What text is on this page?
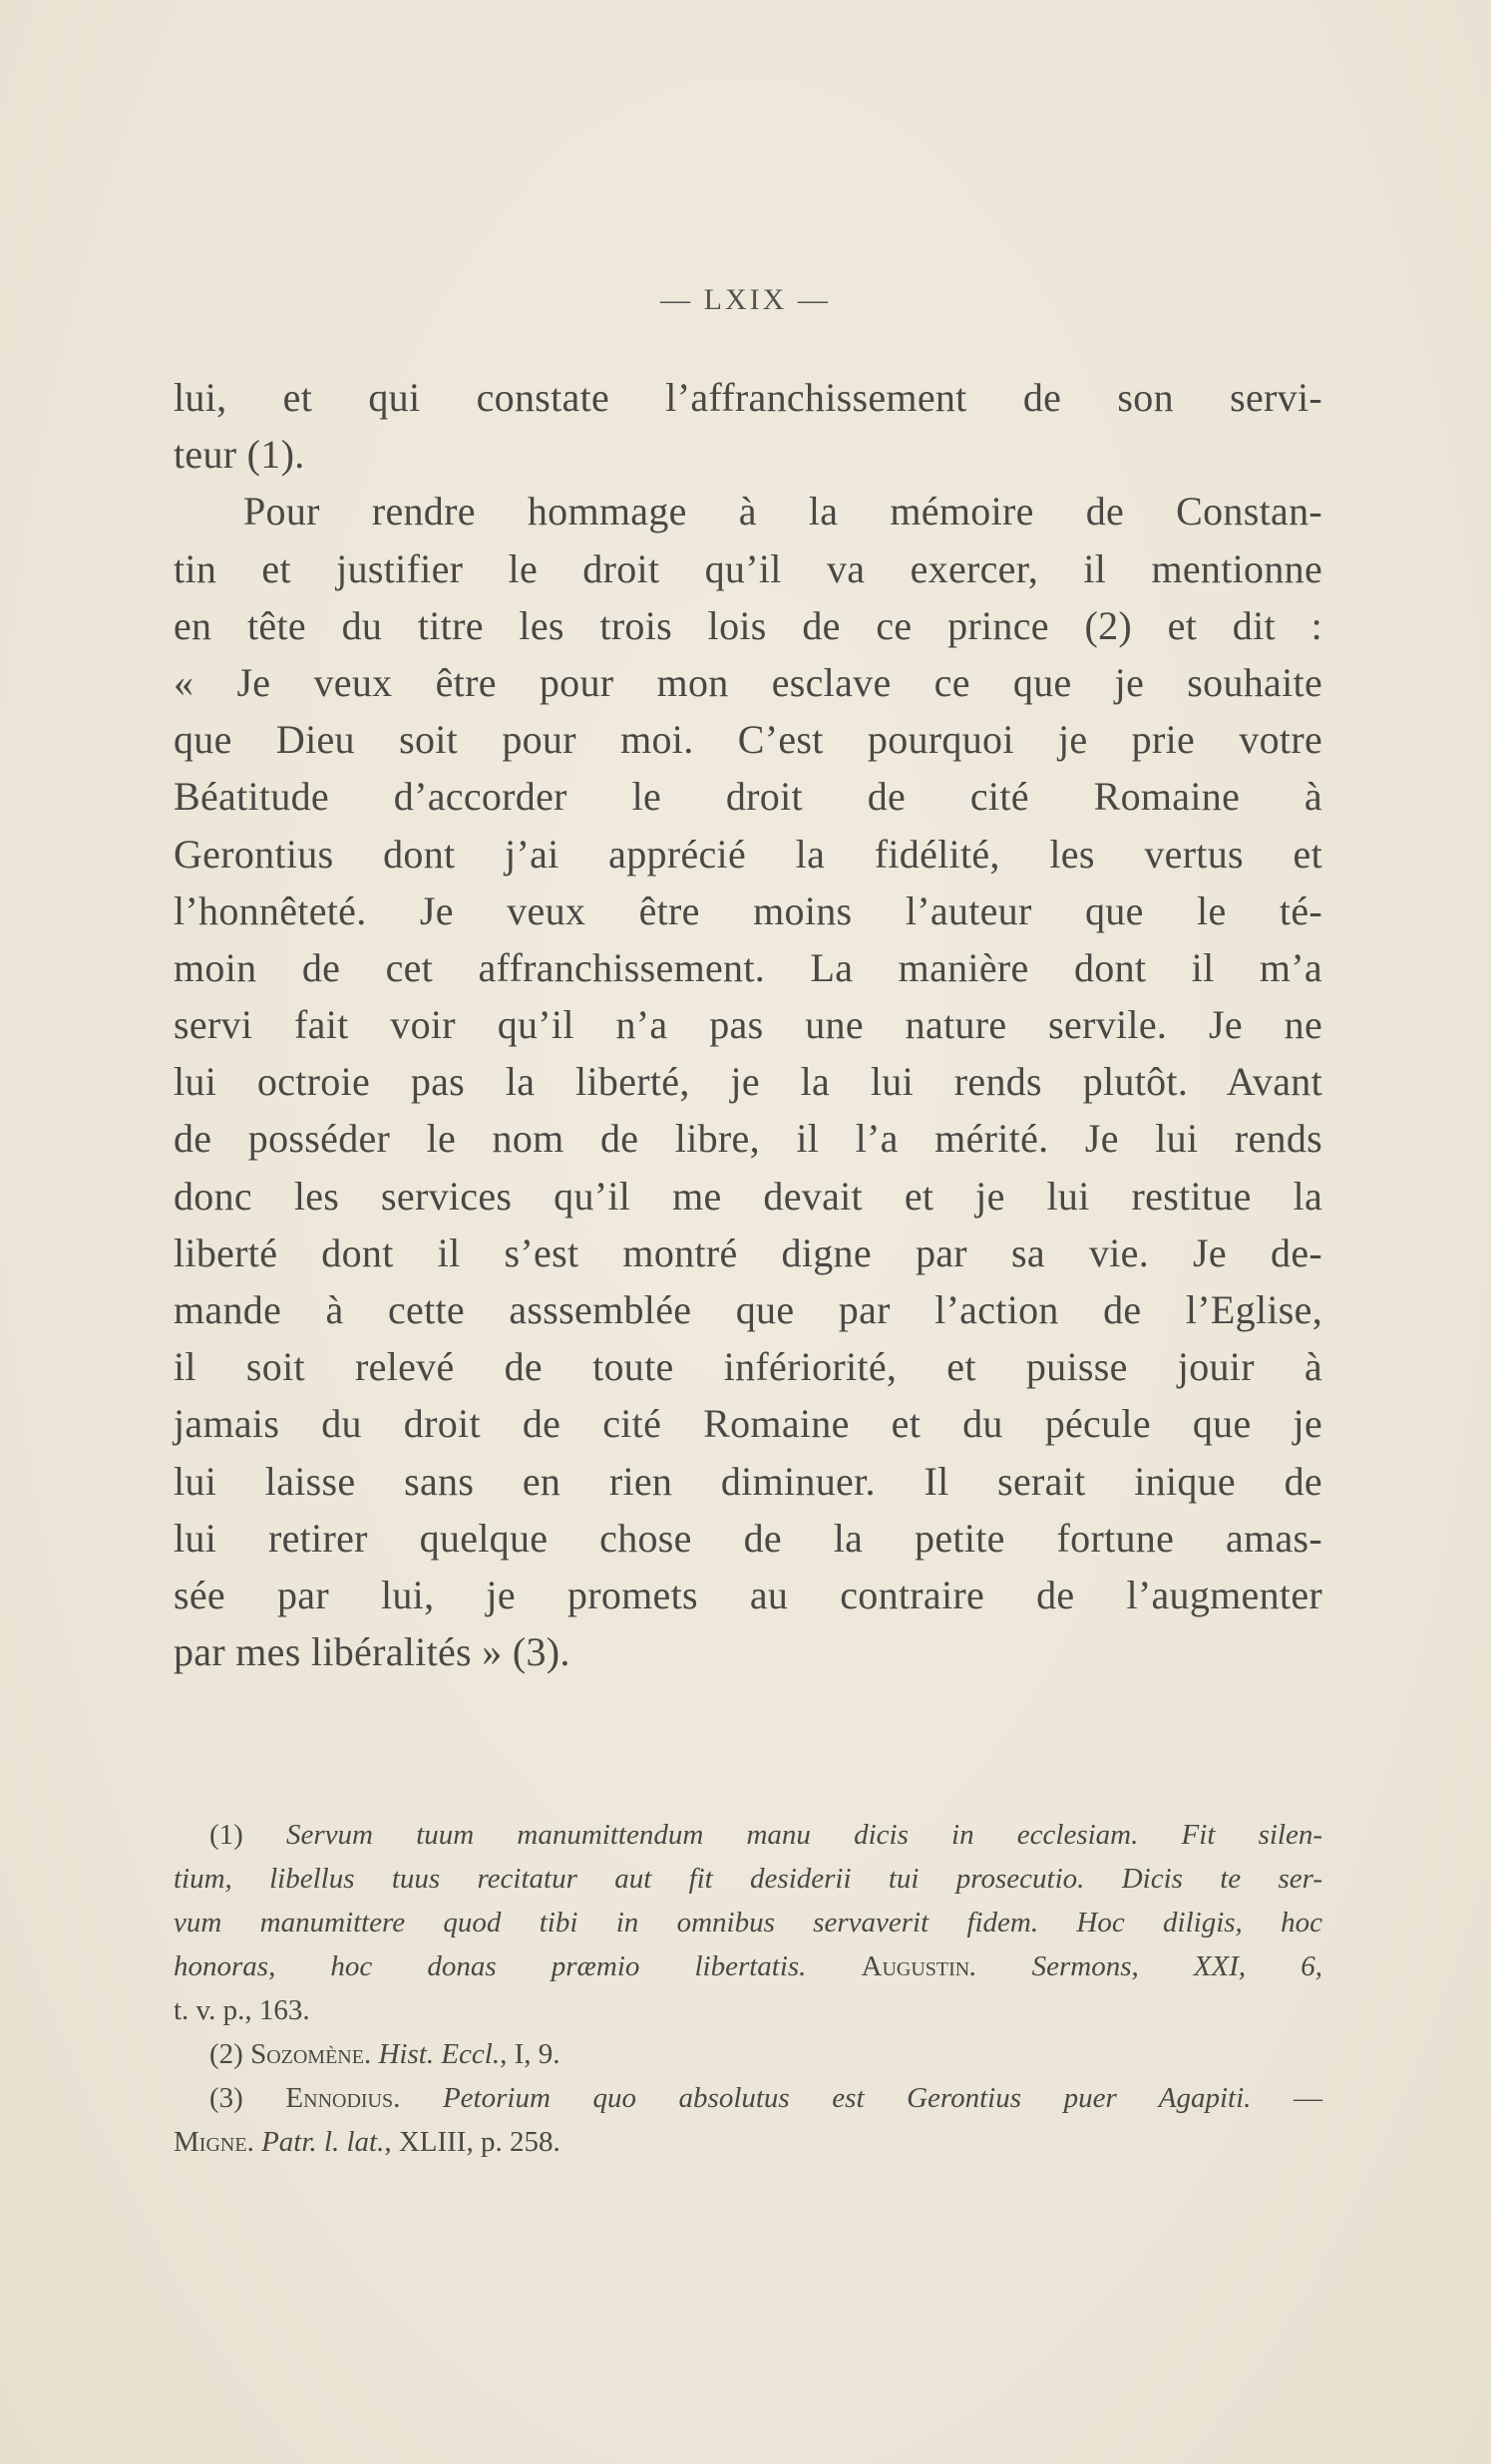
— LXIX —
lui, et qui constate l’affranchissement de son servi-
teur (1).
Pour rendre hommage à la mémoire de Constan-
tin et justifier le droit qu’il va exercer, il mentionne
en tête du titre les trois lois de ce prince (2) et dit :
« Je veux être pour mon esclave ce que je souhaite
que Dieu soit pour moi. C’est pourquoi je prie votre
Béatitude d’accorder le droit de cité Romaine à
Gerontius dont j’ai apprécié la fidélité, les vertus et
l’honnêteté. Je veux être moins l’auteur que le té-
moin de cet affranchissement. La manière dont il m’a
servi fait voir qu’il n’a pas une nature servile. Je ne
lui octroie pas la liberté, je la lui rends plutôt. Avant
de posséder le nom de libre, il l’a mérité. Je lui rends
donc les services qu’il me devait et je lui restitue la
liberté dont il s’est montré digne par sa vie. Je de-
mande à cette asssemblée que par l’action de l’Eglise,
il soit relevé de toute infériorité, et puisse jouir à
jamais du droit de cité Romaine et du pécule que je
lui laisse sans en rien diminuer. Il serait inique de
lui retirer quelque chose de la petite fortune amas-
sée par lui, je promets au contraire de l’augmenter
par mes libéralités » (3).
(1) Servum tuum manumittendum manu dicis in ecclesiam. Fit silen-
tium, libellus tuus recitatur aut fit desiderii tui prosecutio. Dicis te ser-
vum manumittere quod tibi in omnibus servaverit fidem. Hoc diligis, hoc
honoras, hoc donas præmio libertatis. Augustin. Sermons, XXI, 6,
t. v. p., 163.
(2) Sozomène. Hist. Eccl., I, 9.
(3) Ennodius. Petorium quo absolutus est Gerontius puer Agapiti. —
Migne. Patr. l. lat., XLIII, p. 258.
